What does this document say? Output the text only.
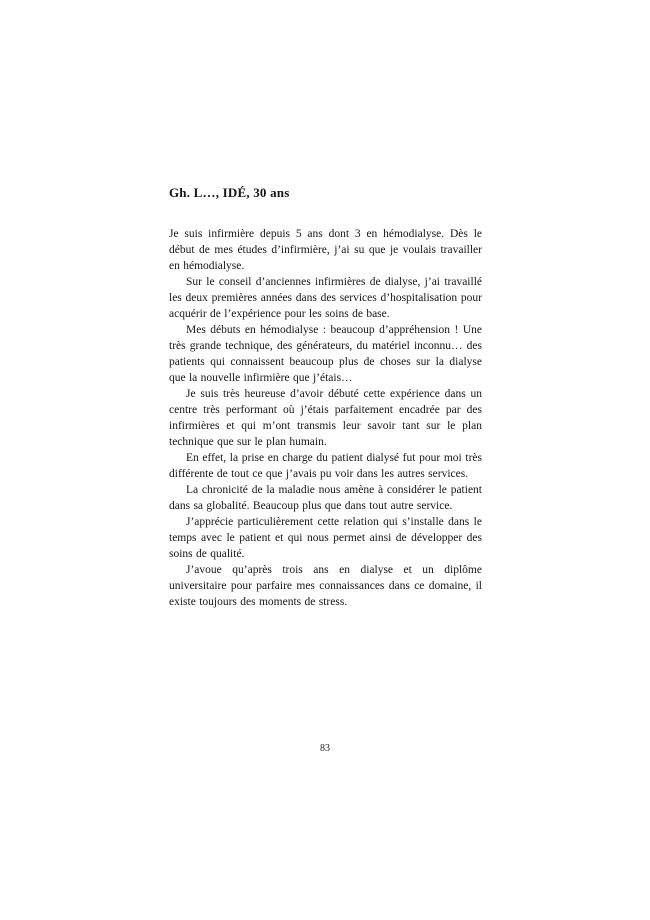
Gh. L…, IDÉ, 30 ans

Je suis infirmière depuis 5 ans dont 3 en hémodialyse. Dès le début de mes études d’infirmière, j’ai su que je voulais travailler en hémodialyse.

Sur le conseil d’anciennes infirmières de dialyse, j’ai travaillé les deux premières années dans des services d’hospitalisation pour acquérir de l’expérience pour les soins de base.

Mes débuts en hémodialyse : beaucoup d’appréhension ! Une très grande technique, des générateurs, du matériel inconnu… des patients qui connaissent beaucoup plus de choses sur la dialyse que la nouvelle infirmière que j’étais…

Je suis très heureuse d’avoir débuté cette expérience dans un centre très performant où j’étais parfaitement encadrée par des infirmières et qui m’ont transmis leur savoir tant sur le plan technique que sur le plan humain.

En effet, la prise en charge du patient dialysé fut pour moi très différente de tout ce que j’avais pu voir dans les autres services.

La chronicité de la maladie nous amène à considérer le patient dans sa globalité. Beaucoup plus que dans tout autre service.

J’apprécie particulièrement cette relation qui s’installe dans le temps avec le patient et qui nous permet ainsi de développer des soins de qualité.

J’avoue qu’après trois ans en dialyse et un diplôme universitaire pour parfaire mes connaissances dans ce domaine, il existe toujours des moments de stress.

83
